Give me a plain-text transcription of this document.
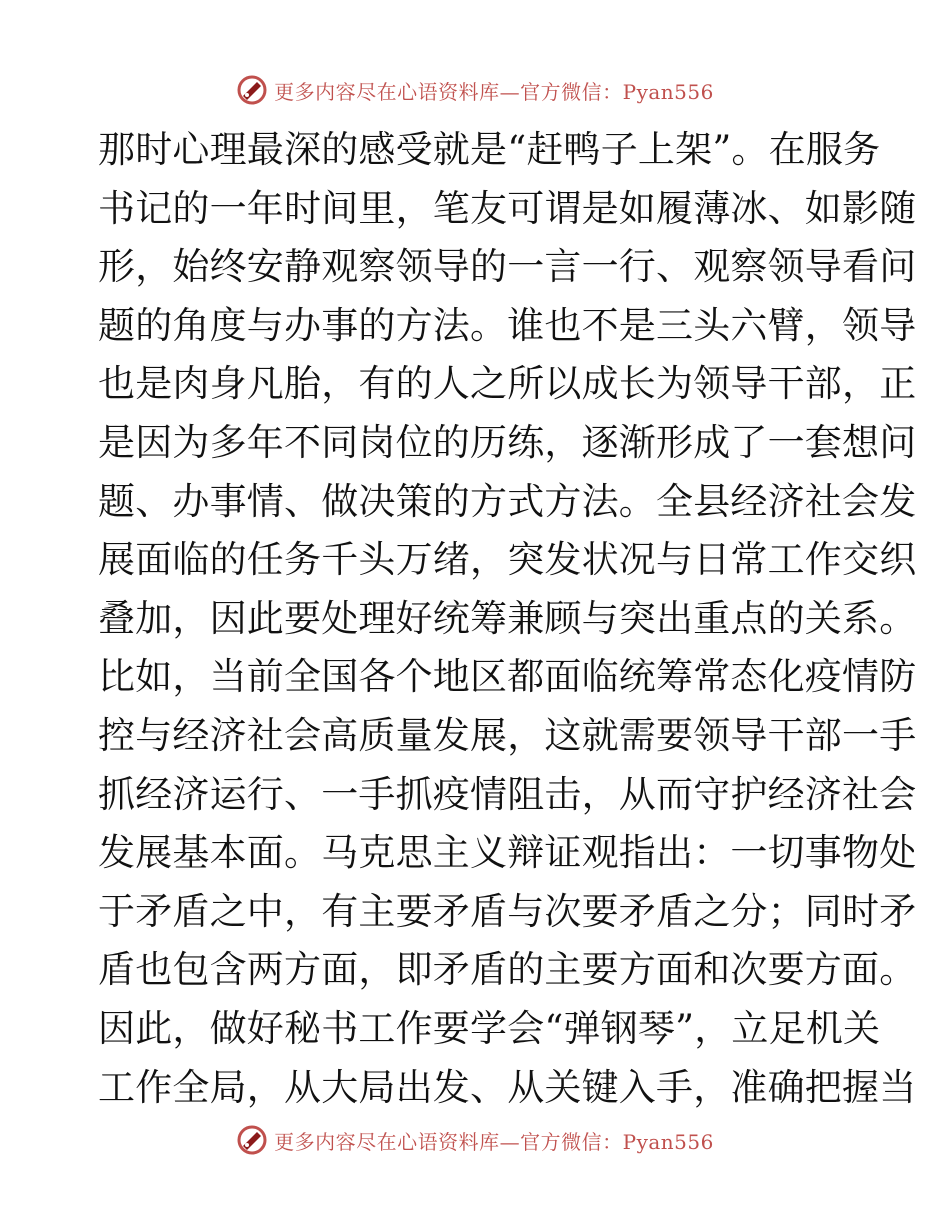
更多内容尽在心语资料库—官方微信：Pyan556
那时心理最深的感受就是“赶鸭子上架”。在服务
书记的一年时间里，笔友可谓是如履薄冰、如影随
形，始终安静观察领导的一言一行、观察领导看问
题的角度与办事的方法。谁也不是三头六臂，领导
也是肉身凡胎，有的人之所以成长为领导干部，正
是因为多年不同岗位的历练，逐渐形成了一套想问
题、办事情、做决策的方式方法。全县经济社会发
展面临的任务千头万绪，突发状况与日常工作交织
叠加，因此要处理好统筹兼顾与突出重点的关系。
比如，当前全国各个地区都面临统筹常态化疫情防
控与经济社会高质量发展，这就需要领导干部一手
抓经济运行、一手抓疫情阻击，从而守护经济社会
发展基本面。马克思主义辩证观指出：一切事物处
于矛盾之中，有主要矛盾与次要矛盾之分；同时矛
盾也包含两方面，即矛盾的主要方面和次要方面。
因此，做好秘书工作要学会“弹钢琴”，立足机关
工作全局，从大局出发、从关键入手，准确把握当
更多内容尽在心语资料库—官方微信：Pyan556
